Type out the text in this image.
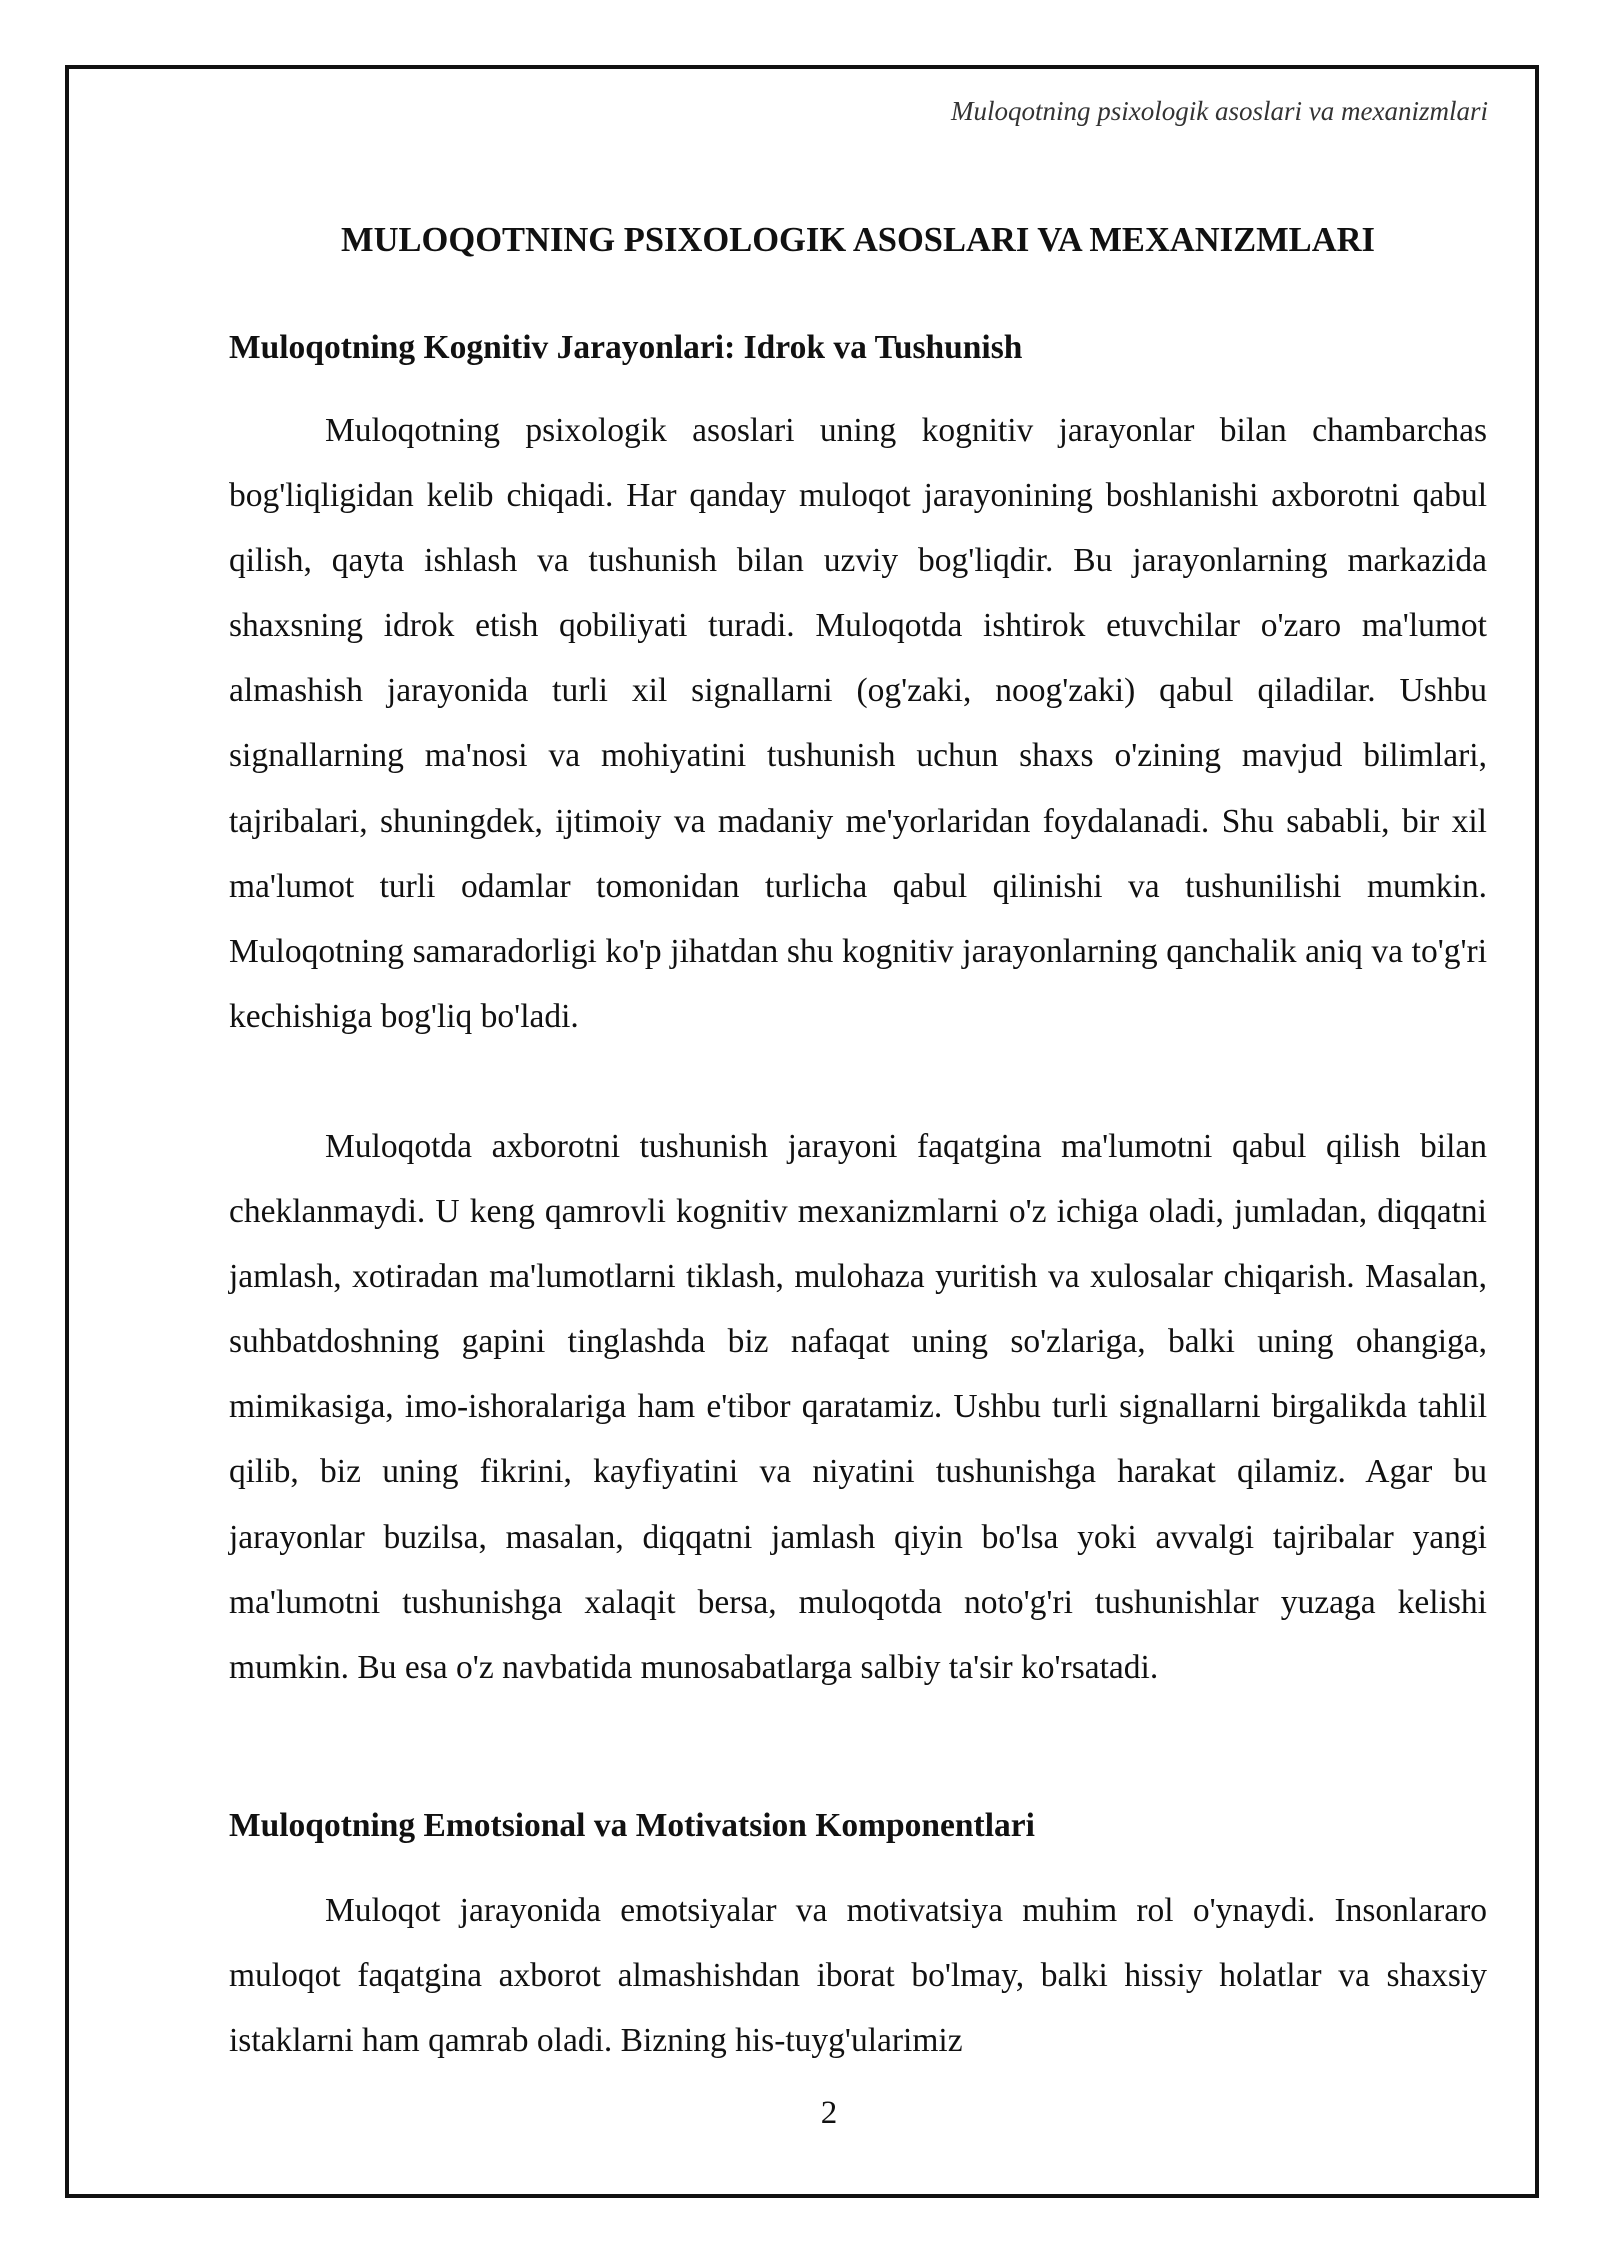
Muloqotning psixologik asoslari va mexanizmlari
MULOQOTNING PSIXOLOGIK ASOSLARI VA MEXANIZMLARI
Muloqotning Kognitiv Jarayonlari: Idrok va Tushunish

Muloqotning psixologik asoslari uning kognitiv jarayonlar bilan chambarchas bog'liqligidan kelib chiqadi. Har qanday muloqot jarayonining boshlanishi axborotni qabul qilish, qayta ishlash va tushunish bilan uzviy bog'liqdir. Bu jarayonlarning markazida shaxsning idrok etish qobiliyati turadi. Muloqotda ishtirok etuvchilar o'zaro ma'lumot almashish jarayonida turli xil signallarni (og'zaki, noog'zaki) qabul qiladilar. Ushbu signallarning ma'nosi va mohiyatini tushunish uchun shaxs o'zining mavjud bilimlari, tajribalari, shuningdek, ijtimoiy va madaniy me'yorlaridan foydalanadi. Shu sababli, bir xil ma'lumot turli odamlar tomonidan turlicha qabul qilinishi va tushunilishi mumkin. Muloqotning samaradorligi ko'p jihatdan shu kognitiv jarayonlarning qanchalik aniq va to'g'ri kechishiga bog'liq bo'ladi.

Muloqotda axborotni tushunish jarayoni faqatgina ma'lumotni qabul qilish bilan cheklanmaydi. U keng qamrovli kognitiv mexanizmlarni o'z ichiga oladi, jumladan, diqqatni jamlash, xotiradan ma'lumotlarni tiklash, mulohaza yuritish va xulosalar chiqarish. Masalan, suhbatdoshning gapini tinglashda biz nafaqat uning so'zlariga, balki uning ohangiga, mimikasiga, imo-ishoralariga ham e'tibor qaratamiz. Ushbu turli signallarni birgalikda tahlil qilib, biz uning fikrini, kayfiyatini va niyatini tushunishga harakat qilamiz. Agar bu jarayonlar buzilsa, masalan, diqqatni jamlash qiyin bo'lsa yoki avvalgi tajribalar yangi ma'lumotni tushunishga xalaqit bersa, muloqotda noto'g'ri tushunishlar yuzaga kelishi mumkin. Bu esa o'z navbatida munosabatlarga salbiy ta'sir ko'rsatadi.

Muloqotning Emotsional va Motivatsion Komponentlari

Muloqot jarayonida emotsiyalar va motivatsiya muhim rol o'ynaydi. Insonlararo muloqot faqatgina axborot almashishdan iborat bo'lmay, balki hissiy holatlar va shaxsiy istaklarni ham qamrab oladi. Bizning his-tuyg'ularimiz

2
